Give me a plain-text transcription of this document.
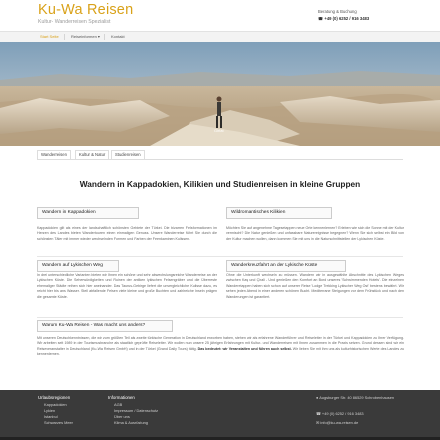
Ku-Wa Reisen
Kultur- Wanderreisen Spezialist
Beratung & Buchung
☎ +49 (0) 6252 / 916 3483
Start Seite	Reiseinformen ▾	Kontakt
Giriat
Wanderreisen	Kultur & Natur	Studienreisen
Wandern in Kappadokien, Kilikien und Studienreisen in kleine Gruppen
Wandern in Kappadokien
Kappadokien gilt als eines der landschaftlich schönsten Gebiete der Türkei. Die bizarren Felsformationen im Herzen des Landes bieten Wandertouren einen einmaligen Genuss. Unsere Wanderreise führt Sie durch die schönsten Täler mit immer wieder wechselnden Formen und Farben der Feenkaminen Kulissen.
Wildromantisches Kilikien
Möchten Sie auf angenehme Tagesetappen neue Orte kennenlernen? Erleben wie sich die Sonne mit der Kultur vermischt? Die Natur genießen und unfassbare Naturereignisse begegnen? Wenn Sie sich selbst ein Bild von der Kultur machen wollen, dann kommen Sie mit uns in die Naturschnittstellen der Lykischen Küste.
Wandern auf Lykischen Weg
In drei unterschiedliche Varianten bieten wir Ihnen ein schöne und sehr abwechslungsreiche Wanderreise an der Lykischen Küste. Die Seherwürdigkeiten und Ruinen der antiken lykischen Felsengräber und die Überreste ehemaliger Städte reihen sich hier aneinander. Das Taurus-Gebirge liefert die unvergleichliche Kulisse dazu, es reicht hier bis ans Wasser. Steil abfallende Felsen viele kleine und große Buchten und zahlreiche Inseln prägen die gesamte Küste.
Wanderkreuzfahrt an der Lykische Küste
Ohne die Unterkunft wechseln zu müssen. Wandern wir in ausgewählte Abschnitte des Lykischen Weges zwischen Kaş und Çirali - Und genießen den Komfort an Bord unseres 'Schwimmenden Hotels'. Die einzelnen Wanderetappen haben sich schon auf unserer Reise 'Lodge Trekking Lykischer Weg Ost' bestens bewährt. Wir sehen jeden Abend in einer anderen schönen Bucht. Mediterrane Steigungen vor dem Frühstück und nach den Wanderungen ist garantiert.
Warum Ku-Wa Reisen - Was macht uns anders?
Mit unseren Deutschkenntnissen, die wir zum größten Teil als zweite türkische Generation in Deutschland erworben haben, stehen wir als erfahrene Wanderführer und Reiseleiter in der Türkei und Kappadokien zu Ihrer Verfügung. Wir arbeiten seit 1989 in der Tourismusbranche als staatlich geprüfte Reiseleiter. Wir wollen nun unsere 25 jährigen Erfahrungen mit Kultur- und Wanderreisen mit Ihnen zusammen in die Praxis setzen. Grund dessen sind wir ein Reiseveranstalter in Deutschland (Ku-Wa Reisen GmbH) und in der Türkei (Grand Daily Tours) tätig. Das bedeutet: wir Veranstalten und führen auch selbst. Wir lieben Sie mit ihm uns als kulturhistorischen Werte des Landes zu kennenlernen.
Urlaubsregionen
Kappadokien
Lykien
Istanbul
Schwarzes Meer
Informationen
AGB
Impressum / Datenschutz
Über uns
Klima & Ausrüstung
● Augsburger Str. 40 86529 Schrobenhausen
☎ +49 (0) 6252 / 916 3483
✉ info@ku-wa-reisen.de
